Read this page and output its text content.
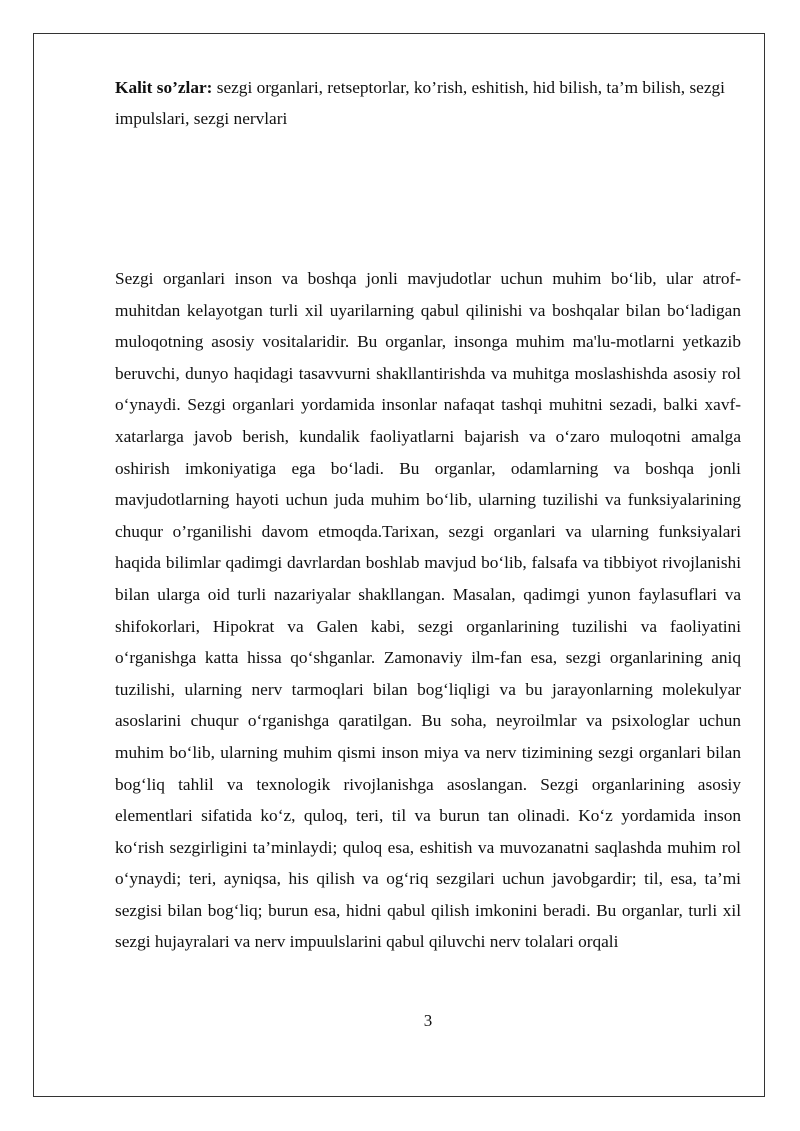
Kalit so’zlar: sezgi organlari, retseptorlar, ko’rish, eshitish, hid bilish, ta’m bilish, sezgi impulslari, sezgi nervlari

Sezgi organlari inson va boshqa jonli mavjudotlar uchun muhim bo‘lib, ular atrof-muhitdan kelayotgan turli xil uyarilarning qabul qilinishi va boshqalar bilan bo‘ladigan muloqotning asosiy vositalaridir. Bu organlar, insonga muhim ma'lu-motlarni yetkazib beruvchi, dunyo haqidagi tasavvurni shakllantirishda va muhitga moslashishda asosiy rol o‘ynaydi. Sezgi organlari yordamida insonlar nafaqat tashqi muhitni sezadi, balki xavf-xatarlarga javob berish, kundalik faoliyatlarni bajarish va o‘zaro muloqotni amalga oshirish imkoniyatiga ega bo‘ladi. Bu organlar, odamlarning va boshqa jonli mavjudotlarning hayoti uchun juda muhim bo‘lib, ularning tuzilishi va funksiyalarining chuqur o’rganilishi davom etmoqda.Tarixan, sezgi organlari va ularning funksiyalari haqida bilimlar qadimgi davrlardan boshlab mavjud bo‘lib, falsafa va tibbiyot rivojlanishi bilan ularga oid turli nazariyalar shakllangan. Masalan, qadimgi yunon faylasuflari va shifokorlari, Hipokrat va Galen kabi, sezgi organlarining tuzilishi va faoliyatini o‘rganishga katta hissa qo‘shganlar. Zamonaviy ilm-fan esa, sezgi organlarining aniq tuzilishi, ularning nerv tarmoqlari bilan bog‘liqligi va bu jarayonlarning molekulyar asoslarini chuqur o‘rganishga qaratilgan. Bu soha, neyroilmlar va psixologlar uchun muhim bo‘lib, ularning muhim qismi inson miya va nerv tizimining sezgi organlari bilan bog‘liq tahlil va texnologik rivojlanishga asoslangan. Sezgi organlarining asosiy elementlari sifatida ko‘z, quloq, teri, til va burun tan olinadi. Ko‘z yordamida inson ko‘rish sezgirligini ta’minlaydi; quloq esa, eshitish va muvozanatni saqlashda muhim rol o‘ynaydi; teri, ayniqsa, his qilish va og‘riq sezgilari uchun javobgardir; til, esa, ta’mi sezgisi bilan bog‘liq; burun esa, hidni qabul qilish imkonini beradi. Bu organlar, turli xil sezgi hujayralari va nerv impuulslarini qabul qiluvchi nerv tolalari orqali

3
